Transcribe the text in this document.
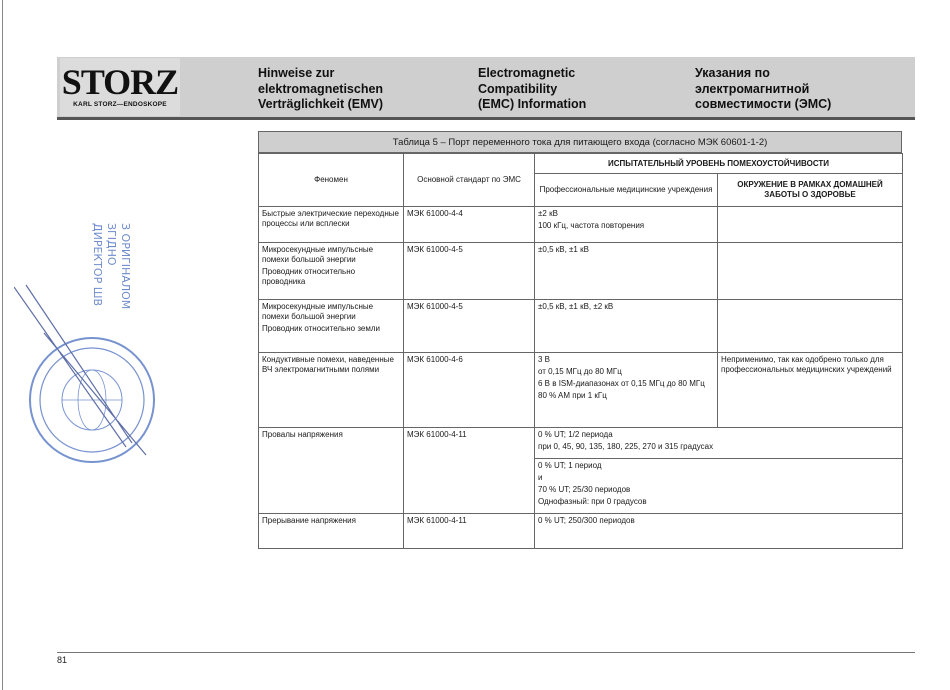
STORZ
KARL STORZ—ENDOSKOPE
Hinweise zur
elektromagnetischen
Verträglichkeit (EMV)
Electromagnetic
Compatibility
(EMC) Information
Указания по
электромагнитной
совместимости (ЭМС)
Таблица 5 – Порт переменного тока для питающего входа (согласно МЭК 60601-1-2)
Феномен	Основной стандарт по ЭМС	ИСПЫТАТЕЛЬНЫЙ УРОВЕНЬ ПОМЕХОУСТОЙЧИВОСТИ	
		Профессиональные медицинские учреждения	ОКРУЖЕНИЕ В РАМКАХ ДОМАШНЕЙ ЗАБОТЫ О ЗДОРОВЬЕ
Быстрые электрические переходные процессы или всплески	МЭК 61000-4-4	±2 кВ
100 кГц, частота повторения	

Микросекундные импульсные помехи большой энергии
Проводник относительно проводника	МЭК 61000-4-5	±0,5 кВ, ±1 кВ	

Микросекундные импульсные помехи большой энергии
Проводник относительно земли	МЭК 61000-4-5	±0,5 кВ, ±1 кВ, ±2 кВ	
Кондуктивные помехи, наведенные ВЧ электромагнитными полями	МЭК 61000-4-6	3 В
от 0,15 МГц до 80 МГц
6 В в ISM-диапазонах от 0,15 МГц до 80 МГц
80 % AM при 1 кГц	Неприменимо, так как одобрено только для профессиональных медицинских учреждений
Провалы напряжения	МЭК 61000-4-11	0 % UT; 1/2 периода
при 0, 45, 90, 135, 180, 225, 270 и 315 градусах	

		0 % UT; 1 период
и
70 % UT; 25/30 периодов
Однофазный: при 0 градусов	

Прерывание напряжения	МЭК 61000-4-11	0 % UT; 250/300 периодов	
З ОРИГІНАЛОМ
ЗГІДНО
ДИРЕКТОР ШВ
81
